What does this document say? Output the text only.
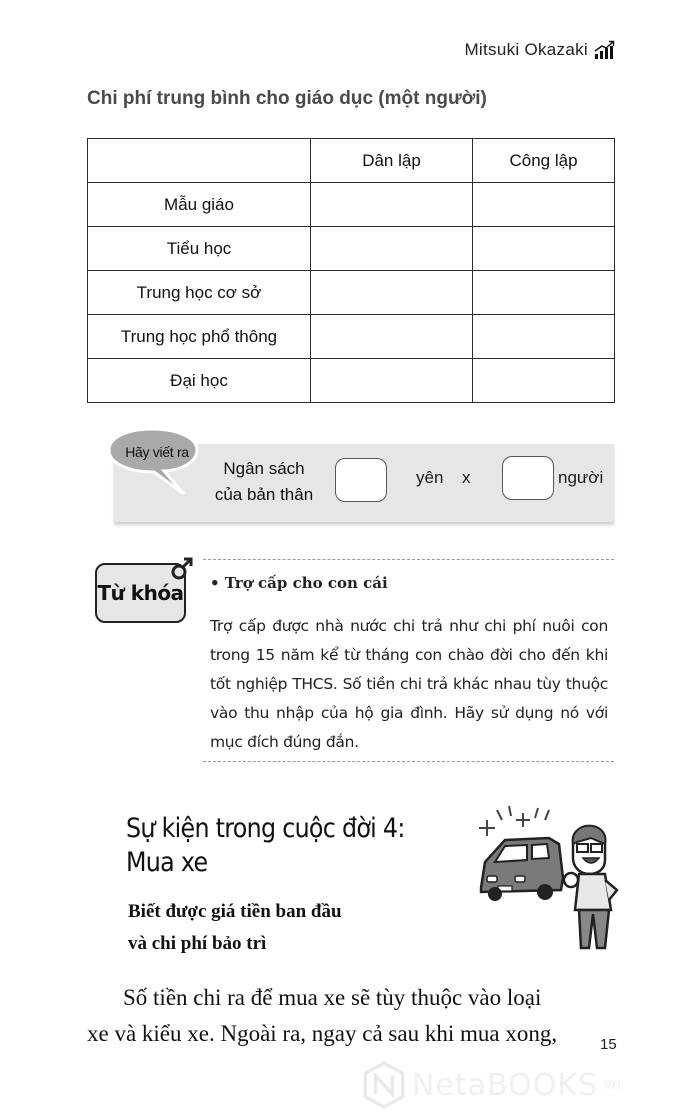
Mitsuki Okazaki
Chi phí trung bình cho giáo dục (một người)
	Dân lập	Công lập
Mẫu giáo		
Tiểu học		
Trung học cơ sở		
Trung học phổ thông		
Đại học		
Hãy viết ra
Ngân sách
của bản thân
yên x	người
Từ khóa • Trợ cấp cho con cái
Trợ cấp được nhà nước chi trả như chi phí nuôi con trong 15 năm kể từ tháng con chào đời cho đến khi tốt nghiệp THCS. Số tiền chi trả khác nhau tùy thuộc vào thu nhập của hộ gia đình. Hãy sử dụng nó với mục đích đúng đắn.
Sự kiện trong cuộc đời 4:
Mua xe
Biết được giá tiền ban đầu
và chi phí bảo trì

Số tiền chi ra để mua xe sẽ tùy thuộc vào loại

xe và kiểu xe. Ngoài ra, ngay cả sau khi mua xong,	15
NetaBOOKS vn
